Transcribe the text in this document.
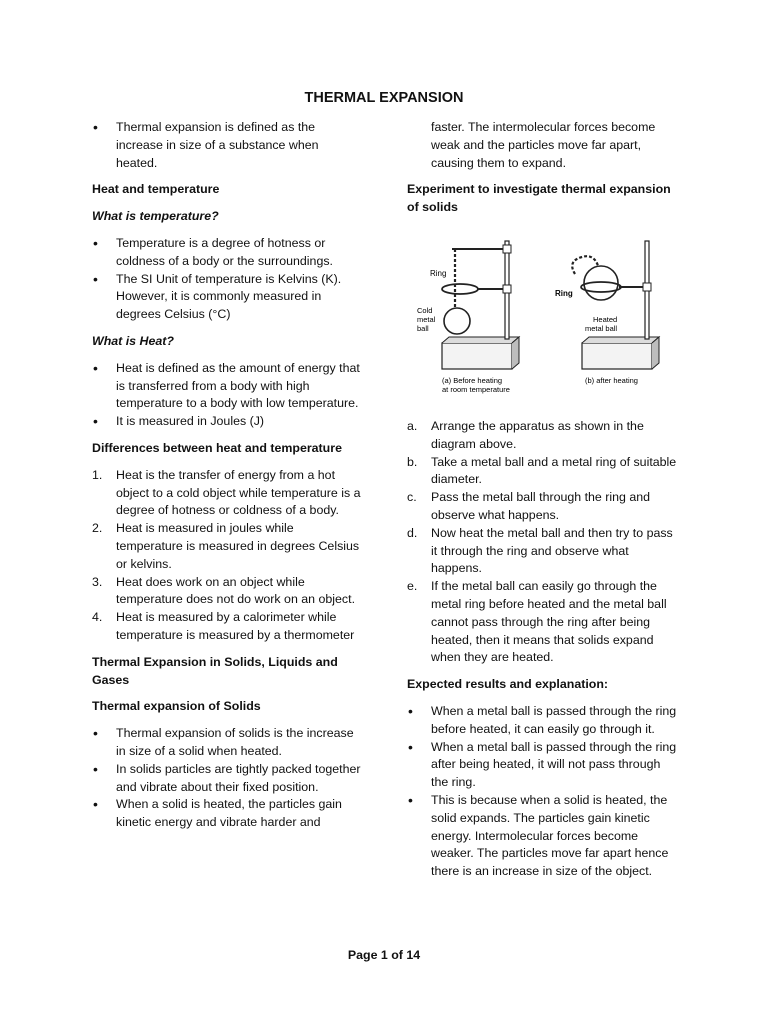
THERMAL EXPANSION
•	Thermal expansion is defined as the increase in size of a substance when heated.

Heat and temperature

What is temperature?

•	Temperature is a degree of hotness or coldness of a body or the surroundings.
•	The SI Unit of temperature is Kelvins (K). However, it is commonly measured in degrees Celsius (°C)

What is Heat?

•	Heat is defined as the amount of energy that is transferred from a body with high temperature to a body with low temperature.
•	It is measured in Joules (J)

Differences between heat and temperature

1.	Heat is the transfer of energy from a hot object to a cold object while temperature is a degree of hotness or coldness of a body.
2.	Heat is measured in joules while temperature is measured in degrees Celsius or kelvins.
3.	Heat does work on an object while temperature does not do work on an object.
4.	Heat is measured by a calorimeter while temperature is measured by a thermometer

Thermal Expansion in Solids, Liquids and Gases

Thermal expansion of Solids

•	Thermal expansion of solids is the increase in size of a solid when heated.
•	In solids particles are tightly packed together and vibrate about their fixed position.
•	When a solid is heated, the particles gain kinetic energy and vibrate harder and

faster. The intermolecular forces become weak and the particles move far apart, causing them to expand.

Experiment to investigate thermal expansion of solids

Ring
Cold
metal
ball
(a) Before heating
at room temperature
Ring
Heated
metal ball
(b) after heating
a.	Arrange the apparatus as shown in the diagram above.
b.	Take a metal ball and a metal ring of suitable diameter.
c.	Pass the metal ball through the ring and observe what happens.
d.	Now heat the metal ball and then try to pass it through the ring and observe what happens.
e.	If the metal ball can easily go through the metal ring before heated and the metal ball cannot pass through the ring after being heated, then it means that solids expand when they are heated.

Expected results and explanation:

•	When a metal ball is passed through the ring before heated, it can easily go through it.
•	When a metal ball is passed through the ring after being heated, it will not pass through the ring.
•	This is because when a solid is heated, the solid expands. The particles gain kinetic energy. Intermolecular forces become weaker. The particles move far apart hence there is an increase in size of the object.
Page 1 of 14
